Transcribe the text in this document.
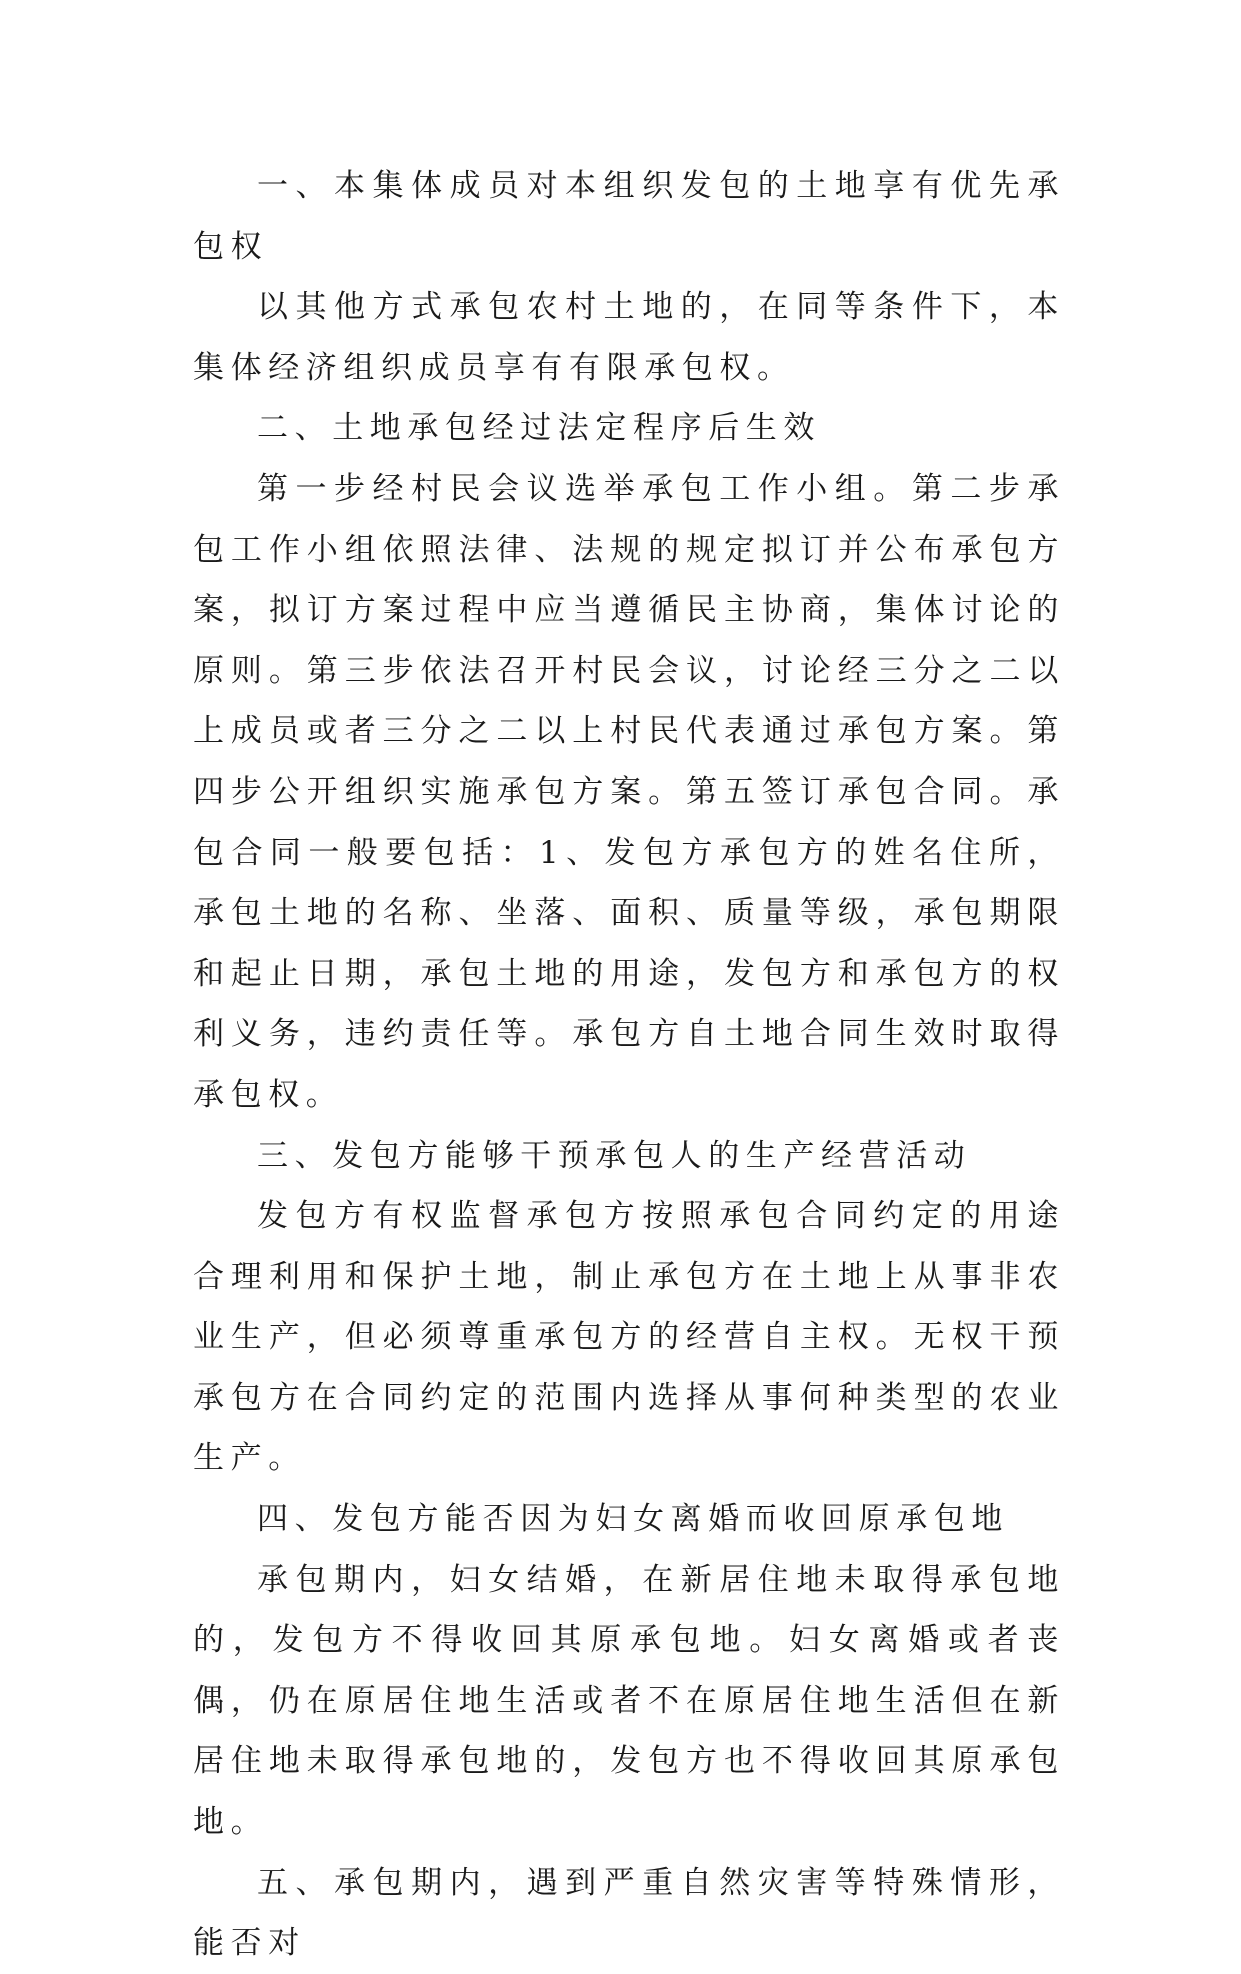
一、本集体成员对本组织发包的土地享有优先承包权

以其他方式承包农村土地的，在同等条件下，本集体经济组织成员享有有限承包权。

二、土地承包经过法定程序后生效

第一步经村民会议选举承包工作小组。第二步承包工作小组依照法律、法规的规定拟订并公布承包方案，拟订方案过程中应当遵循民主协商，集体讨论的原则。第三步依法召开村民会议，讨论经三分之二以上成员或者三分之二以上村民代表通过承包方案。第四步公开组织实施承包方案。第五签订承包合同。承包合同一般要包括：1、发包方承包方的姓名住所，承包土地的名称、坐落、面积、质量等级，承包期限和起止日期，承包土地的用途，发包方和承包方的权利义务，违约责任等。承包方自土地合同生效时取得承包权。

三、发包方能够干预承包人的生产经营活动

发包方有权监督承包方按照承包合同约定的用途合理利用和保护土地，制止承包方在土地上从事非农业生产，但必须尊重承包方的经营自主权。无权干预承包方在合同约定的范围内选择从事何种类型的农业生产。

四、发包方能否因为妇女离婚而收回原承包地

承包期内，妇女结婚，在新居住地未取得承包地的，发包方不得收回其原承包地。妇女离婚或者丧偶，仍在原居住地生活或者不在原居住地生活但在新居住地未取得承包地的，发包方也不得收回其原承包地。

五、承包期内，遇到严重自然灾害等特殊情形，能否对
